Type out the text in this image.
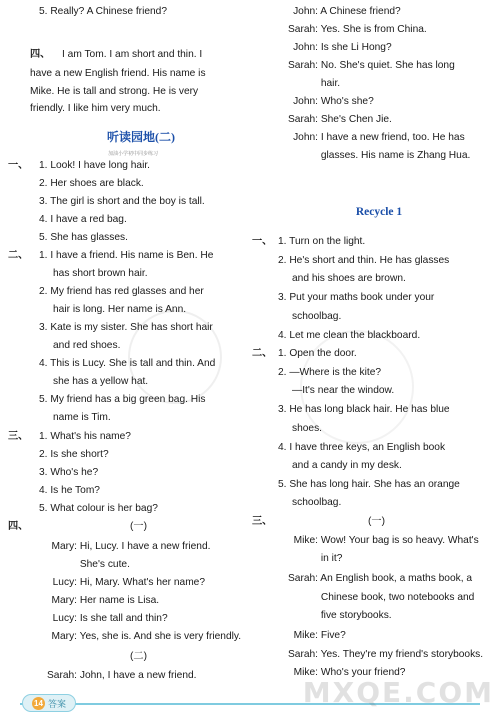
5. Really? A Chinese friend?
四、 I am Tom. I am short and thin. I
have a new English friend. His name is
Mike. He is tall and strong. He is very
friendly. I like him very much.
听读园地(二)
加油小学初中同步练习
一、 1. Look! I have long hair.
2. Her shoes are black.
3. The girl is short and the boy is tall.
4. I have a red bag.
5. She has glasses.
二、 1. I have a friend. His name is Ben. He
has short brown hair.
2. My friend has red glasses and her
hair is long. Her name is Ann.
3. Kate is my sister. She has short hair
and red shoes.
4. This is Lucy. She is tall and thin. And
she has a yellow hat.
5. My friend has a big green bag. His
name is Tim.
三、 1. What's his name?
2. Is she short?
3. Who's he?
4. Is he Tom?
5. What colour is her bag?
四、	(一)
Mary: Hi, Lucy. I have a new friend.
She's cute.
Lucy: Hi, Mary. What's her name?
Mary: Her name is Lisa.
Lucy: Is she tall and thin?
Mary: Yes, she is. And she is very friendly.
(二)
Sarah: John, I have a new friend.
John: A Chinese friend?
Sarah: Yes. She is from China.
John: Is she Li Hong?
Sarah: No. She's quiet. She has long
hair.
John: Who's she?
Sarah: She's Chen Jie.
John: I have a new friend, too. He has
glasses. His name is Zhang Hua.
Recycle 1
一、 1. Turn on the light.
2. He's short and thin. He has glasses
and his shoes are brown.
3. Put your maths book under your
schoolbag.
4. Let me clean the blackboard.
二、 1. Open the door.
2. —Where is the kite?
—It's near the window.
3. He has long black hair. He has blue
shoes.
4. I have three keys, an English book
and a candy in my desk.
5. She has long hair. She has an orange
schoolbag.
三、	(一)
Mike: Wow! Your bag is so heavy. What's
in it?
Sarah: An English book, a maths book, a
Chinese book, two notebooks and
five storybooks.
Mike: Five?
Sarah: Yes. They're my friend's storybooks.
Mike: Who's your friend?
14 答案	MXQE.COM
